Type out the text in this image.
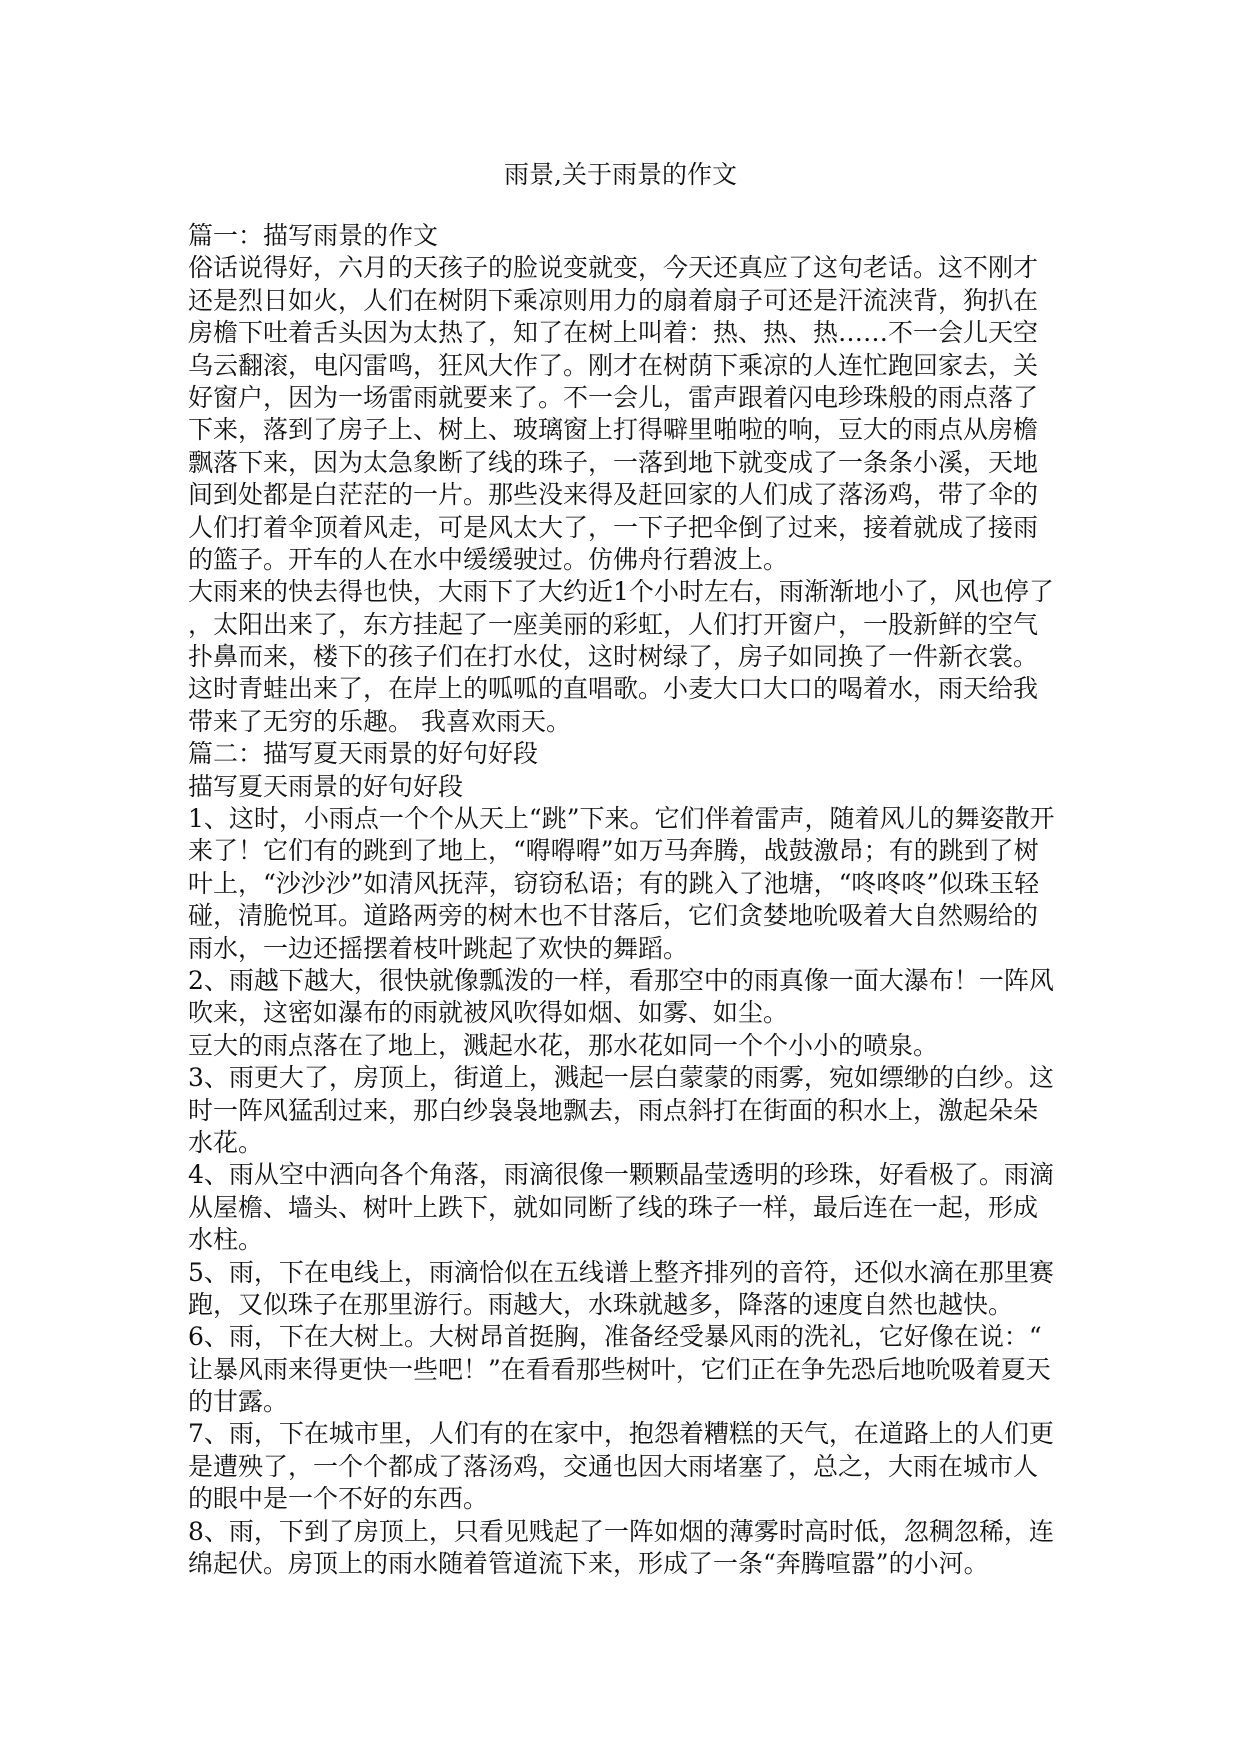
雨景,关于雨景的作文
篇一：描写雨景的作文
俗话说得好，六月的天孩子的脸说变就变，今天还真应了这句老话。这不刚才
还是烈日如火，人们在树阴下乘凉则用力的扇着扇子可还是汗流浃背，狗扒在
房檐下吐着舌头因为太热了，知了在树上叫着：热、热、热……不一会儿天空
乌云翻滚，电闪雷鸣，狂风大作了。刚才在树荫下乘凉的人连忙跑回家去，关
好窗户，因为一场雷雨就要来了。不一会儿，雷声跟着闪电珍珠般的雨点落了
下来，落到了房子上、树上、玻璃窗上打得噼里啪啦的响，豆大的雨点从房檐
飘落下来，因为太急象断了线的珠子，一落到地下就变成了一条条小溪，天地
间到处都是白茫茫的一片。那些没来得及赶回家的人们成了落汤鸡，带了伞的
人们打着伞顶着风走，可是风太大了，一下子把伞倒了过来，接着就成了接雨
的篮子。开车的人在水中缓缓驶过。仿佛舟行碧波上。
大雨来的快去得也快，大雨下了大约近1个小时左右，雨渐渐地小了，风也停了
，太阳出来了，东方挂起了一座美丽的彩虹，人们打开窗户，一股新鲜的空气
扑鼻而来，楼下的孩子们在打水仗，这时树绿了，房子如同换了一件新衣裳。
这时青蛙出来了，在岸上的呱呱的直唱歌。小麦大口大口的喝着水，雨天给我
带来了无穷的乐趣。 我喜欢雨天。
篇二：描写夏天雨景的好句好段
描写夏天雨景的好句好段
1、这时，小雨点一个个从天上“跳”下来。它们伴着雷声，随着风儿的舞姿散开
来了！它们有的跳到了地上，“嘚嘚嘚”如万马奔腾，战鼓激昂；有的跳到了树
叶上，“沙沙沙”如清风抚萍，窃窃私语；有的跳入了池塘，“咚咚咚”似珠玉轻
碰，清脆悦耳。道路两旁的树木也不甘落后，它们贪婪地吮吸着大自然赐给的
雨水，一边还摇摆着枝叶跳起了欢快的舞蹈。
2、雨越下越大，很快就像瓢泼的一样，看那空中的雨真像一面大瀑布！一阵风
吹来，这密如瀑布的雨就被风吹得如烟、如雾、如尘。
豆大的雨点落在了地上，溅起水花，那水花如同一个个小小的喷泉。
3、雨更大了，房顶上，街道上，溅起一层白蒙蒙的雨雾，宛如缥缈的白纱。这
时一阵风猛刮过来，那白纱袅袅地飘去，雨点斜打在街面的积水上，激起朵朵
水花。
4、雨从空中洒向各个角落，雨滴很像一颗颗晶莹透明的珍珠，好看极了。雨滴
从屋檐、墙头、树叶上跌下，就如同断了线的珠子一样，最后连在一起，形成
水柱。
5、雨，下在电线上，雨滴恰似在五线谱上整齐排列的音符，还似水滴在那里赛
跑，又似珠子在那里游行。雨越大，水珠就越多，降落的速度自然也越快。
6、雨，下在大树上。大树昂首挺胸，准备经受暴风雨的洗礼，它好像在说：“
让暴风雨来得更快一些吧！”在看看那些树叶，它们正在争先恐后地吮吸着夏天
的甘露。
7、雨，下在城市里，人们有的在家中，抱怨着糟糕的天气，在道路上的人们更
是遭殃了，一个个都成了落汤鸡，交通也因大雨堵塞了，总之，大雨在城市人
的眼中是一个不好的东西。
8、雨，下到了房顶上，只看见贱起了一阵如烟的薄雾时高时低，忽稠忽稀，连
绵起伏。房顶上的雨水随着管道流下来，形成了一条“奔腾喧嚣”的小河。
